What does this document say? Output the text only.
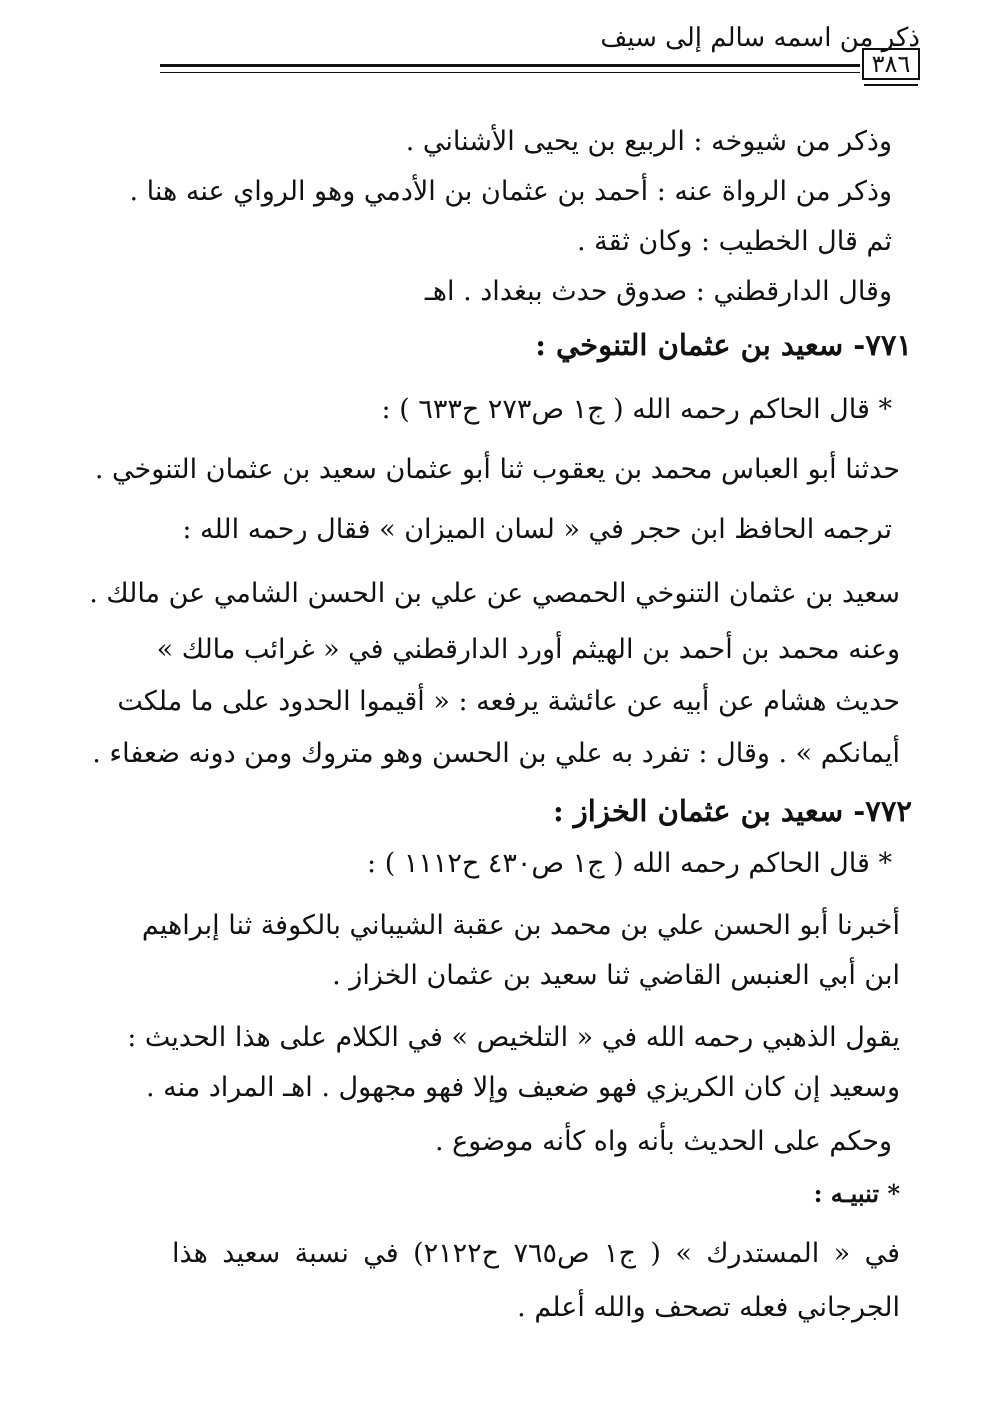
ذكر من اسمه سالم إلى سيف
٣٨٦
وذكر من شيوخه : الربيع بن يحيى الأشناني .
وذكر من الرواة عنه : أحمد بن عثمان بن الأدمي وهو الرواي عنه هنا .
ثم قال الخطيب : وكان ثقة .
وقال الدارقطني : صدوق حدث ببغداد . اهـ
٧٧١- سعيد بن عثمان التنوخي :
* قال الحاكم رحمه الله ( ج١ ص٢٧٣ ح٦٣٣ ) :
حدثنا أبو العباس محمد بن يعقوب ثنا أبو عثمان سعيد بن عثمان التنوخي .
ترجمه الحافظ ابن حجر في « لسان الميزان » فقال رحمه الله :
سعيد بن عثمان التنوخي الحمصي عن علي بن الحسن الشامي عن مالك .
وعنه محمد بن أحمد بن الهيثم أورد الدارقطني في « غرائب مالك »
حديث هشام عن أبيه عن عائشة يرفعه : « أقيموا الحدود على ما ملكت
أيمانكم » . وقال : تفرد به علي بن الحسن وهو متروك ومن دونه ضعفاء .
٧٧٢- سعيد بن عثمان الخزاز :
* قال الحاكم رحمه الله ( ج١ ص٤٣٠ ح١١١٢ ) :
أخبرنا أبو الحسن علي بن محمد بن عقبة الشيباني بالكوفة ثنا إبراهيم
ابن أبي العنبس القاضي ثنا سعيد بن عثمان الخزاز .
يقول الذهبي رحمه الله في « التلخيص » في الكلام على هذا الحديث :
وسعيد إن كان الكريزي فهو ضعيف وإلا فهو مجهول . اهـ المراد منه .
وحكم على الحديث بأنه واه كأنه موضوع .
* تنبيـه :
في « المستدرك » ( ج١ ص٧٦٥ ح٢١٢٢) في نسبة سعيد هذا
الجرجاني فعله تصحف والله أعلم .
